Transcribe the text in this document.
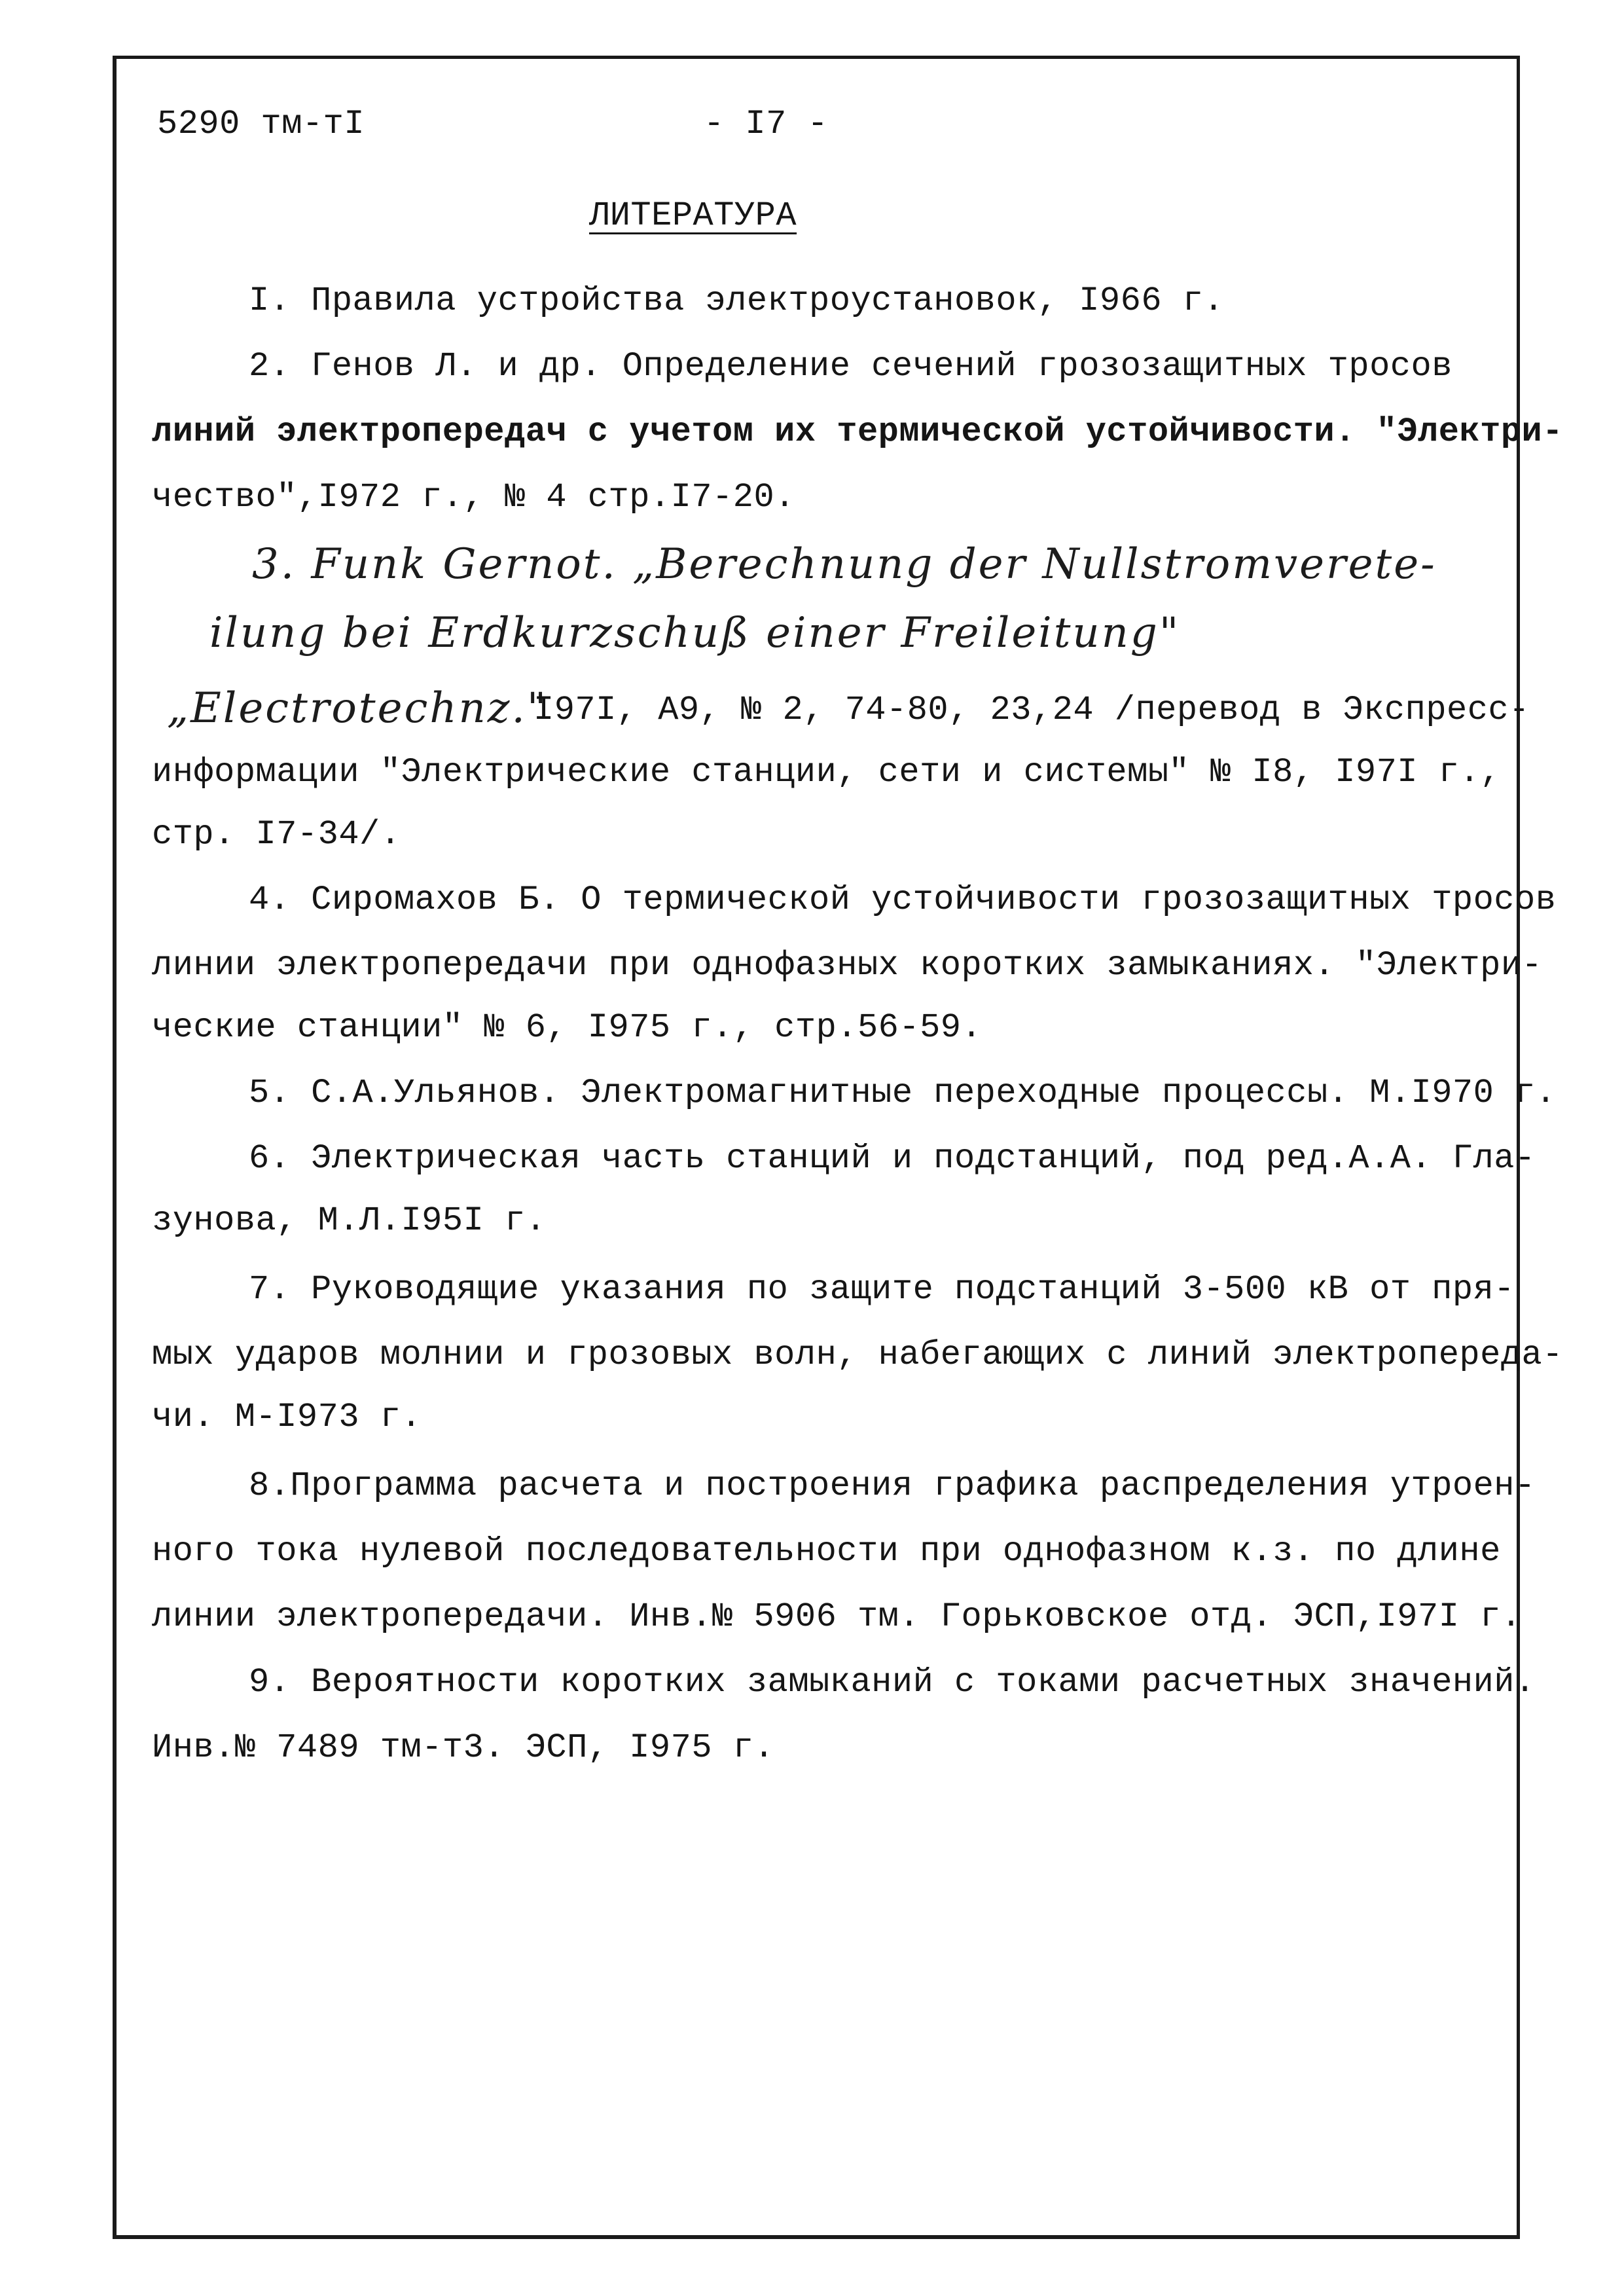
5290 тм-тI	- I7 -
ЛИТЕРАТУРА
I. Правила устройства электроустановок, I966 г.
2. Генов Л. и др. Определение сечений грозозащитных тросов
линий электропередач с учетом их термической устойчивости. "Электри-
чество",I972 г., № 4 стр.I7-20.
3. Funk Gernot. „Berechnung der Nullstromverete-
ilung bei Erdkurzschuß einer Freileitung"
„Electrotechnz."
I97I, A9, № 2, 74-80, 23,24 /перевод в Экспресс-
информации "Электрические станции, сети и системы" № I8, I97I г.,
стр. I7-34/.
4. Сиромахов Б. О термической устойчивости грозозащитных тросов
линии электропередачи при однофазных коротких замыканиях. "Электри-
ческие станции" № 6, I975 г., стр.56-59.
5. С.А.Ульянов. Электромагнитные переходные процессы. М.I970 г.
6. Электрическая часть станций и подстанций, под ред.А.А. Гла-
зунова, М.Л.I95I г.
7. Руководящие указания по защите подстанций 3-500 кВ от пря-
мых ударов молнии и грозовых волн, набегающих с линий электропереда-
чи. М-I973 г.
8.Программа расчета и построения графика распределения утроен-
ного тока нулевой последовательности при однофазном к.з. по длине
линии электропередачи. Инв.№ 5906 тм. Горьковское отд. ЭСП,I97I г.
9. Вероятности коротких замыканий с токами расчетных значений.
Инв.№ 7489 тм-т3. ЭСП, I975 г.
